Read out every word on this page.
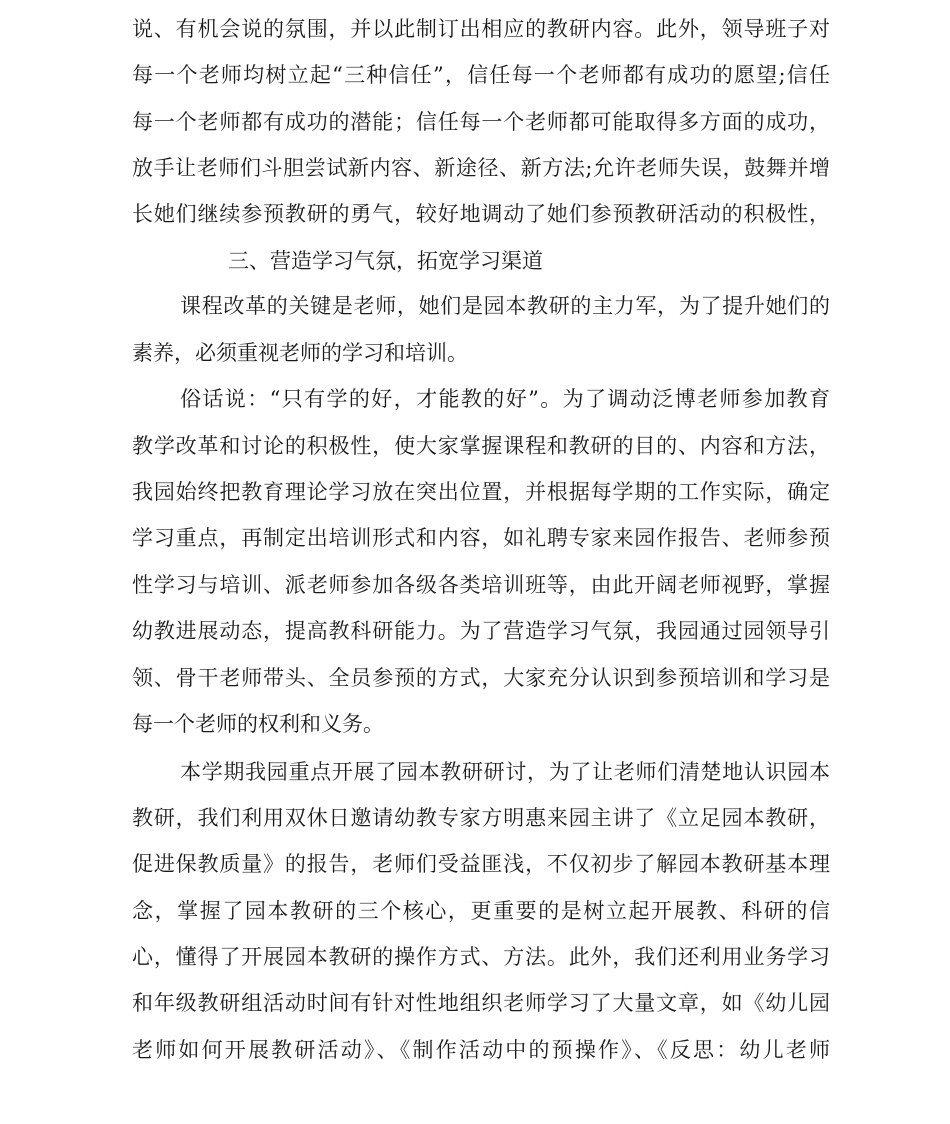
说、有机会说的氛围，并以此制订出相应的教研内容。此外，领导班子对
每一个老师均树立起“三种信任”，信任每一个老师都有成功的愿望;信任
每一个老师都有成功的潜能；信任每一个老师都可能取得多方面的成功，
放手让老师们斗胆尝试新内容、新途径、新方法;允许老师失误，鼓舞并增
长她们继续参预教研的勇气，较好地调动了她们参预教研活动的积极性，
三、营造学习气氛，拓宽学习渠道
课程改革的关键是老师，她们是园本教研的主力军，为了提升她们的
素养，必须重视老师的学习和培训。
俗话说：“只有学的好，才能教的好”。为了调动泛博老师参加教育
教学改革和讨论的积极性，使大家掌握课程和教研的目的、内容和方法，
我园始终把教育理论学习放在突出位置，并根据每学期的工作实际，确定
学习重点，再制定出培训形式和内容，如礼聘专家来园作报告、老师参预
性学习与培训、派老师参加各级各类培训班等，由此开阔老师视野，掌握
幼教进展动态，提高教科研能力。为了营造学习气氛，我园通过园领导引
领、骨干老师带头、全员参预的方式，大家充分认识到参预培训和学习是
每一个老师的权利和义务。
本学期我园重点开展了园本教研研讨，为了让老师们清楚地认识园本
教研，我们利用双休日邀请幼教专家方明惠来园主讲了《立足园本教研，
促进保教质量》的报告，老师们受益匪浅，不仅初步了解园本教研基本理
念，掌握了园本教研的三个核心，更重要的是树立起开展教、科研的信
心，懂得了开展园本教研的操作方式、方法。此外，我们还利用业务学习
和年级教研组活动时间有针对性地组织老师学习了大量文章，如《幼儿园
老师如何开展教研活动》、《制作活动中的预操作》、《反思：幼儿老师
